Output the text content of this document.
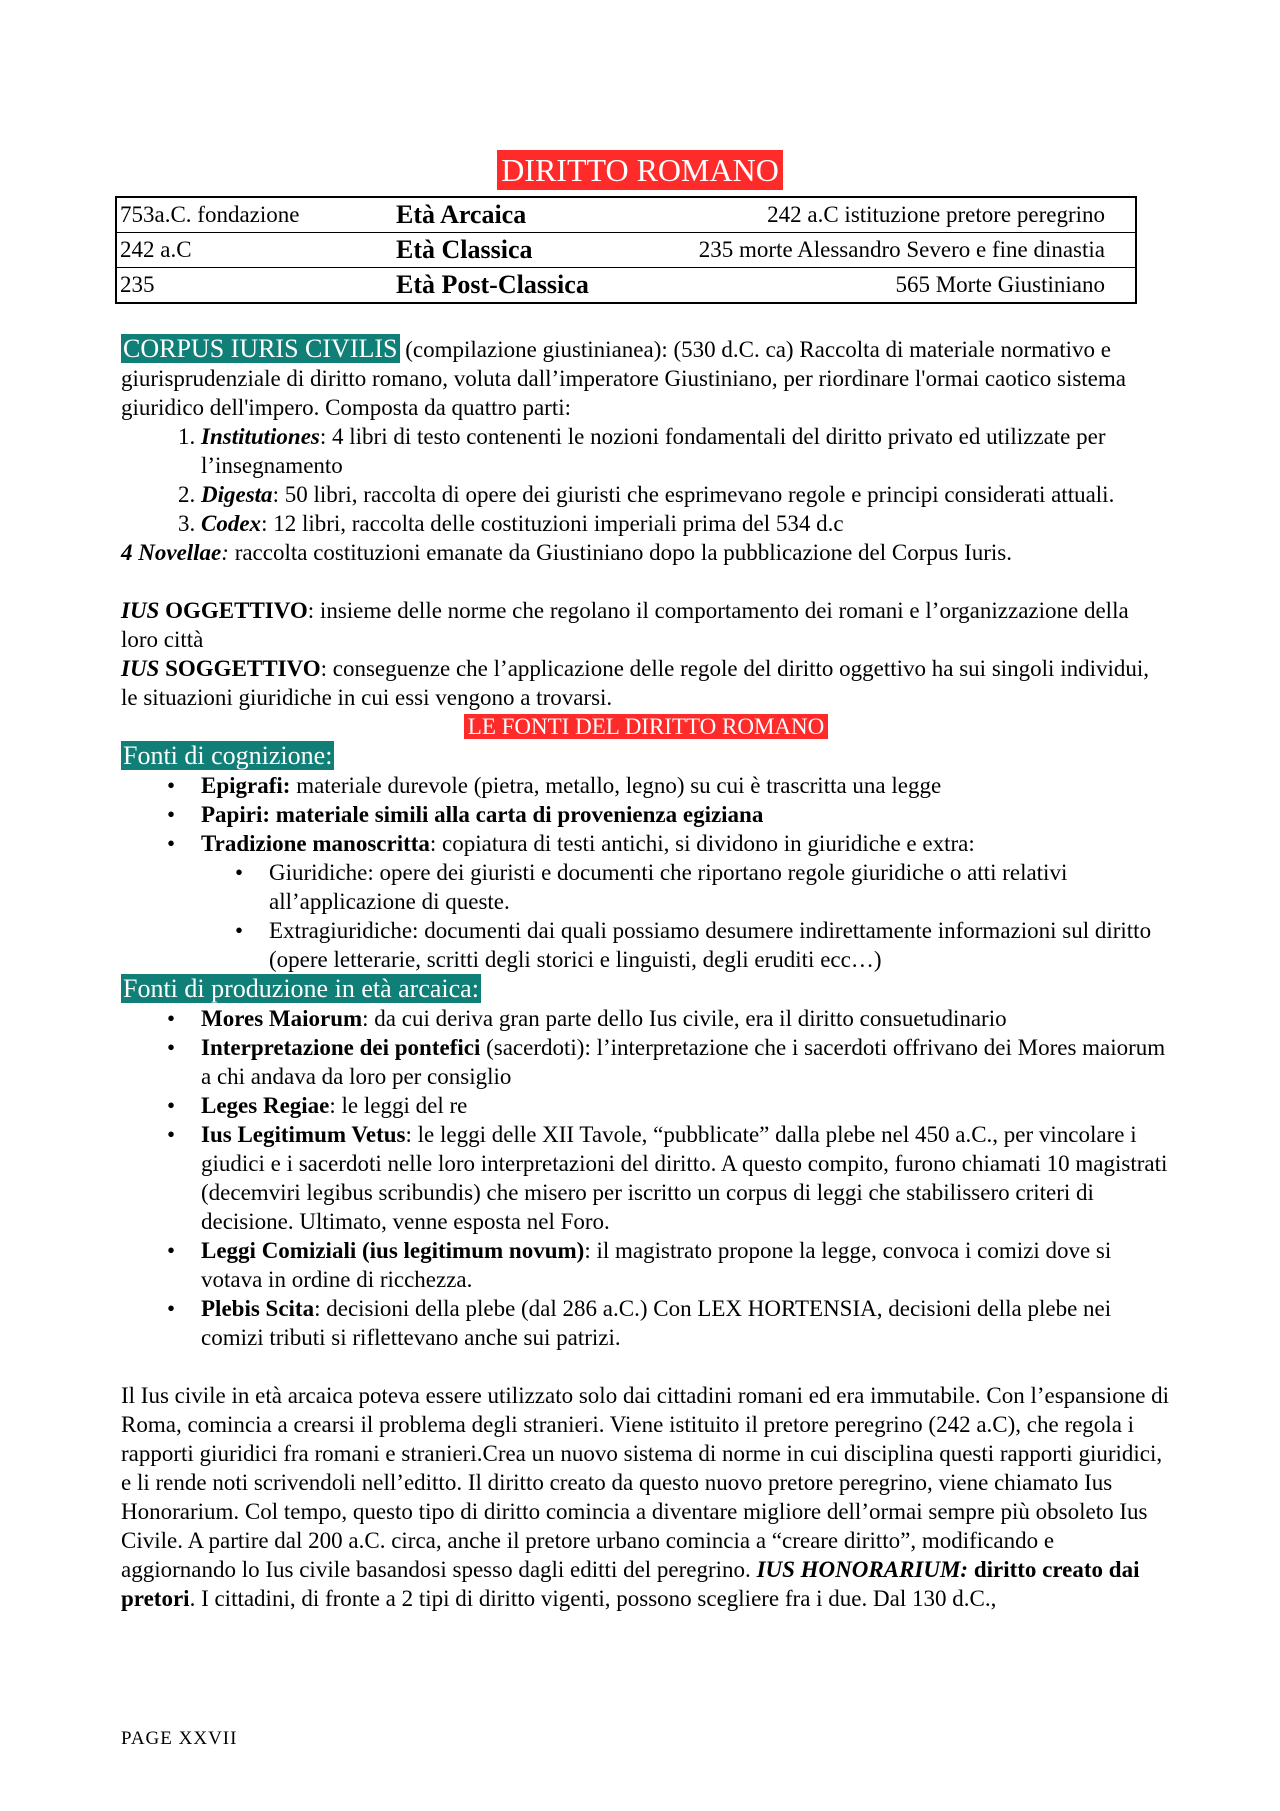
DIRITTO ROMANO
753a.C. fondazione	Età Arcaica	242 a.C istituzione pretore peregrino
242 a.C	Età Classica	235 morte Alessandro Severo e fine dinastia
235	Età Post-Classica	565 Morte Giustiniano

CORPUS IURIS CIVILIS (compilazione giustinianea): (530 d.C. ca) Raccolta di materiale normativo e giurisprudenziale di diritto romano, voluta dall’imperatore Giustiniano, per riordinare l'ormai caotico sistema giuridico dell'impero. Composta da quattro parti:

1. Institutiones: 4 libri di testo contenenti le nozioni fondamentali del diritto privato ed utilizzate per l’insegnamento
2. Digesta: 50 libri, raccolta di opere dei giuristi che esprimevano regole e principi considerati attuali.
3. Codex: 12 libri, raccolta delle costituzioni imperiali prima del 534 d.c

4 Novellae: raccolta costituzioni emanate da Giustiniano dopo la pubblicazione del Corpus Iuris.

IUS OGGETTIVO: insieme delle norme che regolano il comportamento dei romani e l’organizzazione della loro città

IUS SOGGETTIVO: conseguenze che l’applicazione delle regole del diritto oggettivo ha sui singoli individui, le situazioni giuridiche in cui essi vengono a trovarsi.

LE FONTI DEL DIRITTO ROMANO

Fonti di cognizione:

• Epigrafi: materiale durevole (pietra, metallo, legno) su cui è trascritta una legge
• Papiri: materiale simili alla carta di provenienza egiziana
• Tradizione manoscritta: copiatura di testi antichi, si dividono in giuridiche e extra:
• Giuridiche: opere dei giuristi e documenti che riportano regole giuridiche o atti relativi all’applicazione di queste.
• Extragiuridiche: documenti dai quali possiamo desumere indirettamente informazioni sul diritto (opere letterarie, scritti degli storici e linguisti, degli eruditi ecc…)

Fonti di produzione in età arcaica:

• Mores Maiorum: da cui deriva gran parte dello Ius civile, era il diritto consuetudinario
• Interpretazione dei pontefici (sacerdoti): l’interpretazione che i sacerdoti offrivano dei Mores maiorum a chi andava da loro per consiglio
• Leges Regiae: le leggi del re
• Ius Legitimum Vetus: le leggi delle XII Tavole, “pubblicate” dalla plebe nel 450 a.C., per vincolare i giudici e i sacerdoti nelle loro interpretazioni del diritto. A questo compito, furono chiamati 10 magistrati (decemviri legibus scribundis) che misero per iscritto un corpus di leggi che stabilissero criteri di decisione. Ultimato, venne esposta nel Foro.
• Leggi Comiziali (ius legitimum novum): il magistrato propone la legge, convoca i comizi dove si votava in ordine di ricchezza.
• Plebis Scita: decisioni della plebe (dal 286 a.C.) Con LEX HORTENSIA, decisioni della plebe nei comizi tributi si riflettevano anche sui patrizi.

Il Ius civile in età arcaica poteva essere utilizzato solo dai cittadini romani ed era immutabile. Con l’espansione di Roma, comincia a crearsi il problema degli stranieri. Viene istituito il pretore peregrino (242 a.C), che regola i rapporti giuridici fra romani e stranieri.Crea un nuovo sistema di norme in cui disciplina questi rapporti giuridici, e li rende noti scrivendoli nell’editto. Il diritto creato da questo nuovo pretore peregrino, viene chiamato Ius Honorarium. Col tempo, questo tipo di diritto comincia a diventare migliore dell’ormai sempre più obsoleto Ius Civile. A partire dal 200 a.C. circa, anche il pretore urbano comincia a “creare diritto”, modificando e aggiornando lo Ius civile basandosi spesso dagli editti del peregrino. IUS HONORARIUM: diritto creato dai pretori. I cittadini, di fronte a 2 tipi di diritto vigenti, possono scegliere fra i due. Dal 130 d.C.,

PAGE XXVII
